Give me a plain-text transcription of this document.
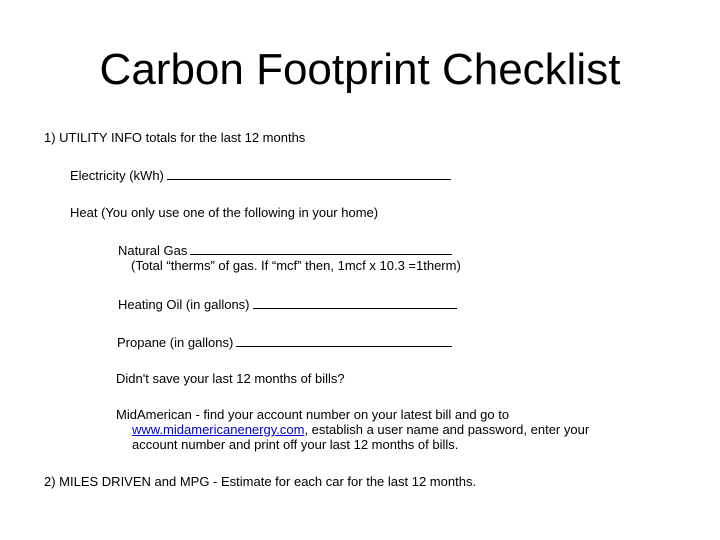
Carbon Footprint Checklist
1) UTILITY INFO totals for the last 12 months
Electricity (kWh)
Heat (You only use one of the following in your home)
Natural Gas
(Total “therms” of gas. If “mcf” then, 1mcf x 10.3 =1therm)
Heating Oil (in gallons)
Propane (in gallons)
Didn't save your last 12 months of bills?
MidAmerican - find your account number on your latest bill and go to
www.midamericanenergy.com, establish a user name and password, enter your
account number and print off your last 12 months of bills.
2) MILES DRIVEN and MPG - Estimate for each car for the last 12 months.
